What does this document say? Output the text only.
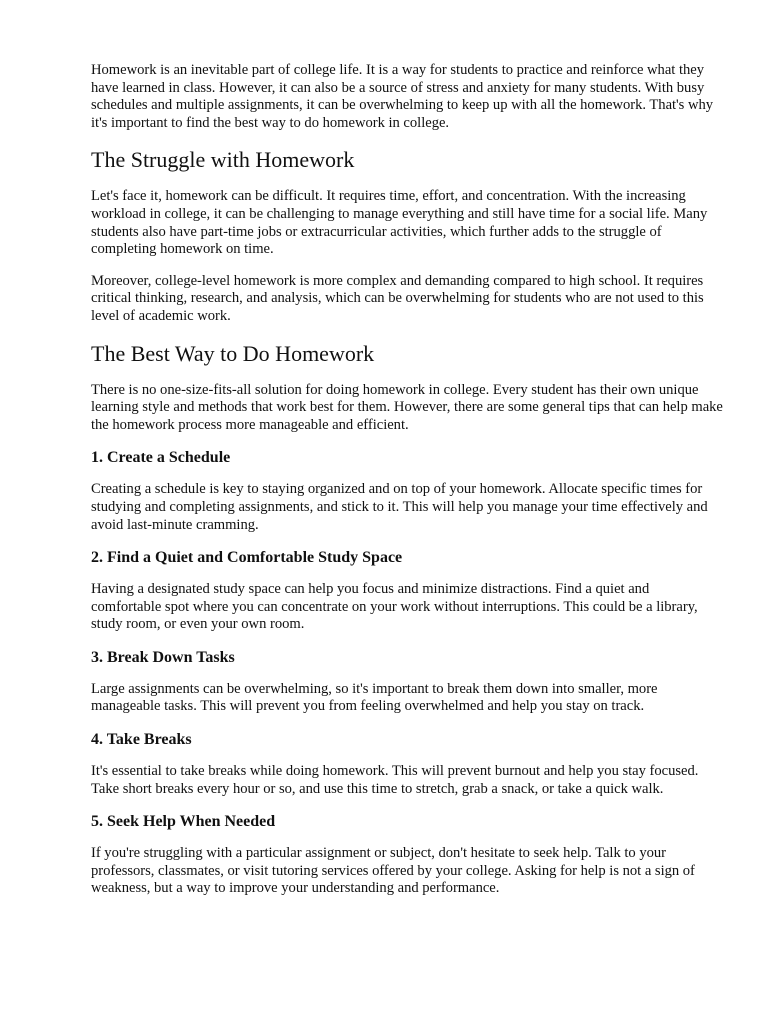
Homework is an inevitable part of college life. It is a way for students to practice and reinforce what they have learned in class. However, it can also be a source of stress and anxiety for many students. With busy schedules and multiple assignments, it can be overwhelming to keep up with all the homework. That's why it's important to find the best way to do homework in college.

The Struggle with Homework

Let's face it, homework can be difficult. It requires time, effort, and concentration. With the increasing workload in college, it can be challenging to manage everything and still have time for a social life. Many students also have part-time jobs or extracurricular activities, which further adds to the struggle of completing homework on time.

Moreover, college-level homework is more complex and demanding compared to high school. It requires critical thinking, research, and analysis, which can be overwhelming for students who are not used to this level of academic work.

The Best Way to Do Homework

There is no one-size-fits-all solution for doing homework in college. Every student has their own unique learning style and methods that work best for them. However, there are some general tips that can help make the homework process more manageable and efficient.

1. Create a Schedule

Creating a schedule is key to staying organized and on top of your homework. Allocate specific times for studying and completing assignments, and stick to it. This will help you manage your time effectively and avoid last-minute cramming.

2. Find a Quiet and Comfortable Study Space

Having a designated study space can help you focus and minimize distractions. Find a quiet and comfortable spot where you can concentrate on your work without interruptions. This could be a library, study room, or even your own room.

3. Break Down Tasks

Large assignments can be overwhelming, so it's important to break them down into smaller, more manageable tasks. This will prevent you from feeling overwhelmed and help you stay on track.

4. Take Breaks

It's essential to take breaks while doing homework. This will prevent burnout and help you stay focused. Take short breaks every hour or so, and use this time to stretch, grab a snack, or take a quick walk.

5. Seek Help When Needed

If you're struggling with a particular assignment or subject, don't hesitate to seek help. Talk to your professors, classmates, or visit tutoring services offered by your college. Asking for help is not a sign of weakness, but a way to improve your understanding and performance.
